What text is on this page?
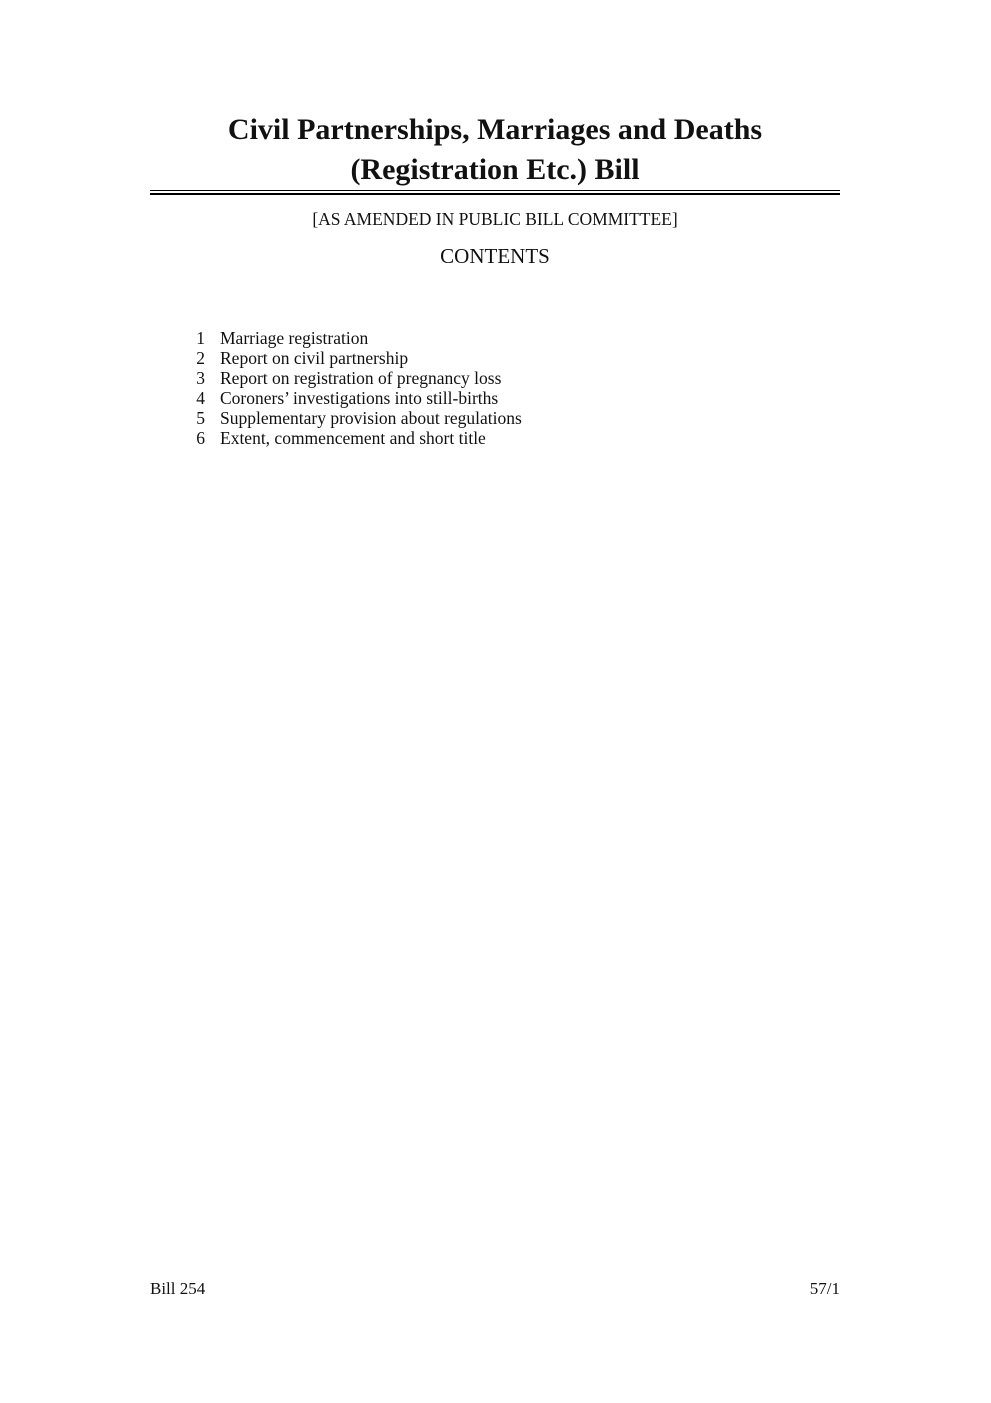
Civil Partnerships, Marriages and Deaths
(Registration Etc.) Bill
[AS AMENDED IN PUBLIC BILL COMMITTEE]
CONTENTS
1 Marriage registration
2 Report on civil partnership
3 Report on registration of pregnancy loss
4 Coroners’ investigations into still-births
5 Supplementary provision about regulations
6 Extent, commencement and short title
Bill 254	57/1
